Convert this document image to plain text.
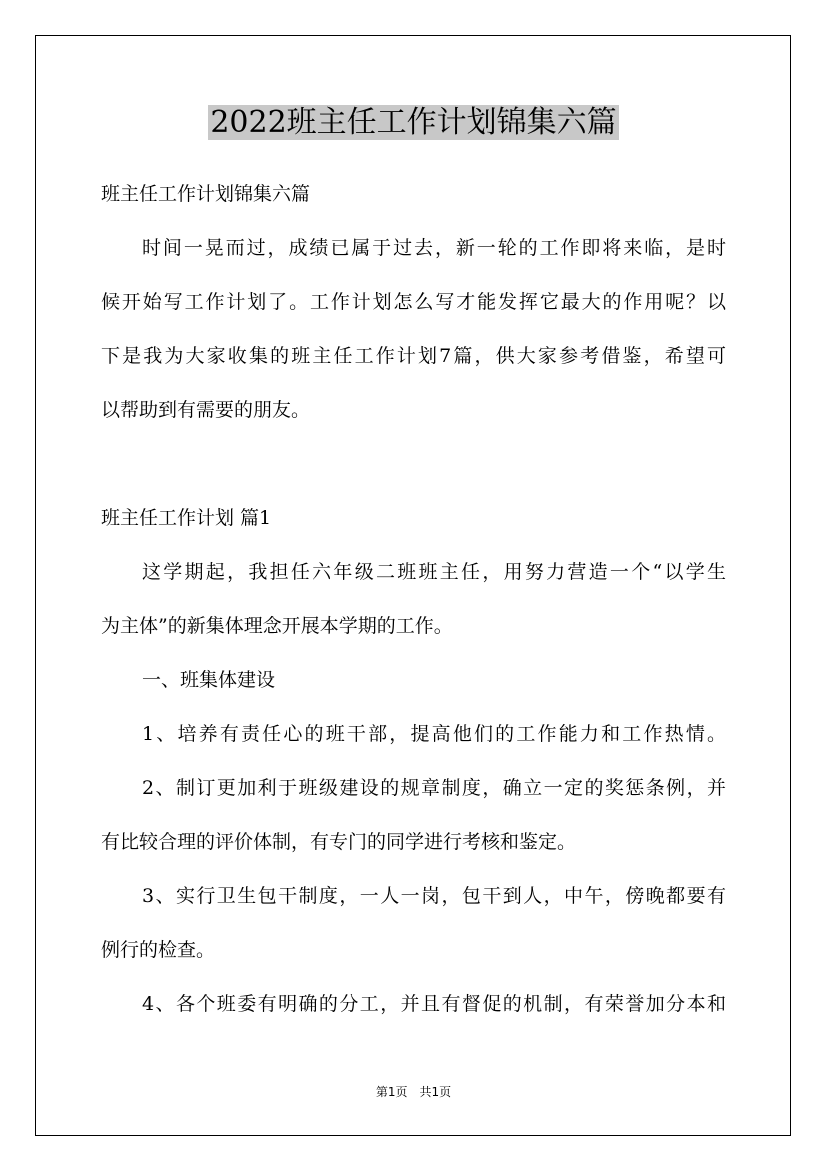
2022班主任工作计划锦集六篇
班主任工作计划锦集六篇
时间一晃而过，成绩已属于过去，新一轮的工作即将来临，是时
候开始写工作计划了。工作计划怎么写才能发挥它最大的作用呢？以
下是我为大家收集的班主任工作计划7篇，供大家参考借鉴，希望可
以帮助到有需要的朋友。
班主任工作计划 篇1
这学期起，我担任六年级二班班主任，用努力营造一个“以学生
为主体”的新集体理念开展本学期的工作。
一、班集体建设
1、培养有责任心的班干部，提高他们的工作能力和工作热情。
2、制订更加利于班级建设的规章制度，确立一定的奖惩条例，并
有比较合理的评价体制，有专门的同学进行考核和鉴定。
3、实行卫生包干制度，一人一岗，包干到人，中午，傍晚都要有
例行的检查。
4、各个班委有明确的分工，并且有督促的机制，有荣誉加分本和
第1页　共1页
